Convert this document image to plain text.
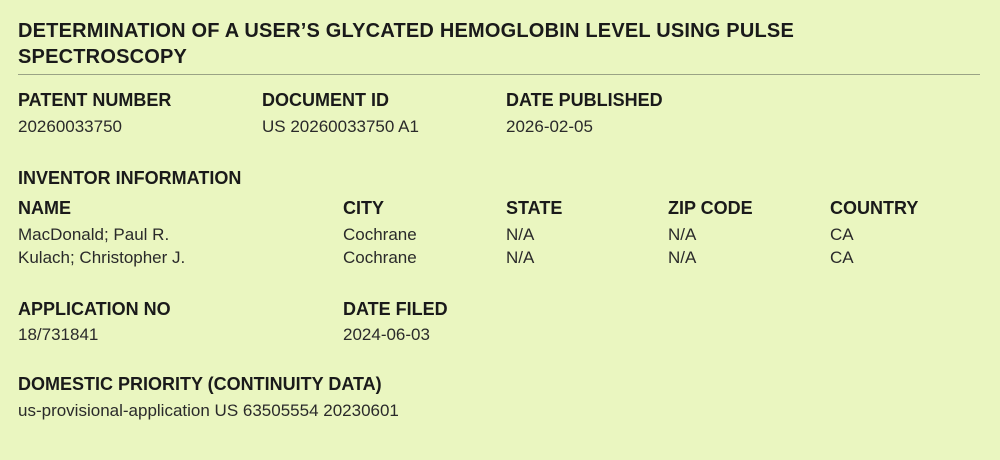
DETERMINATION OF A USER’S GLYCATED HEMOGLOBIN LEVEL USING PULSE SPECTROSCOPY
PATENT NUMBER
20260033750
DOCUMENT ID
US 20260033750 A1
DATE PUBLISHED
2026-02-05
INVENTOR INFORMATION
NAME	CITY	STATE	ZIP CODE	COUNTRY
MacDonald; Paul R.	Cochrane	N/A	N/A	CA
Kulach; Christopher J.	Cochrane	N/A	N/A	CA
APPLICATION NO
18/731841
DATE FILED
2024-06-03
DOMESTIC PRIORITY (CONTINUITY DATA)
us-provisional-application US 63505554 20230601
